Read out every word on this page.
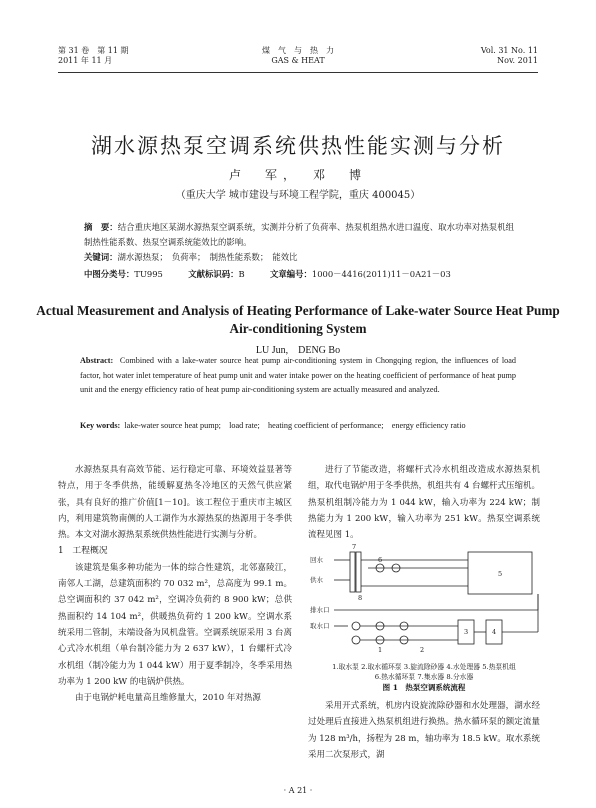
第 31 卷　第 11 期
2011 年 11 月
煤　气　与　热　力
GAS & HEAT
Vol. 31 No. 11
Nov. 2011
湖水源热泵空调系统供热性能实测与分析
卢　军，　邓　博
（重庆大学 城市建设与环境工程学院，重庆 400045）
摘　要：结合重庆地区某湖水源热泵空调系统，实测并分析了负荷率、热泵机组热水进口温度、取水功率对热泵机组制热性能系数、热泵空调系统能效比的影响。
关键词：湖水源热泵；　负荷率；　制热性能系数；　能效比
中图分类号：TU995	文献标识码：B	文章编号：1000－4416(2011)11－0A21－03
Actual Measurement and Analysis of Heating Performance of Lake-water Source Heat Pump Air-conditioning System
LU Jun,　DENG Bo
Abstract: Combined with a lake-water source heat pump air-conditioning system in Chongqing region, the influences of load factor, hot water inlet temperature of heat pump unit and water intake power on the heating coefficient of performance of heat pump unit and the energy efficiency ratio of heat pump air-conditioning system are actually measured and analyzed.
Key words: lake-water source heat pump;　load rate;　heating coefficient of performance;　energy efficiency ratio

水源热泵具有高效节能、运行稳定可靠、环境效益显著等特点，用于冬季供热，能缓解夏热冬冷地区的天然气供应紧张，具有良好的推广价值[1－10]。该工程位于重庆市主城区内，利用建筑物南侧的人工湖作为水源热泵的热源用于冬季供热。本文对湖水源热泵系统供热性能进行实测与分析。

1　工程概况

该建筑是集多种功能为一体的综合性建筑，北邻嘉陵江，南邻人工湖，总建筑面积约 70 032 m²，总高度为 99.1 m。总空调面积约 37 042 m²，空调冷负荷约 8 900 kW；总供热面积约 14 104 m²，供暖热负荷约 1 200 kW。空调水系统采用二管制，末端设备为风机盘管。空调系统原采用 3 台离心式冷水机组（单台制冷能力为 2 637 kW），1 台螺杆式冷水机组（制冷能力为 1 044 kW）用于夏季制冷，冬季采用热功率为 1 200 kW 的电锅炉供热。

由于电锅炉耗电量高且维修量大，2010 年对热源

进行了节能改造，将螺杆式冷水机组改造成水源热泵机组，取代电锅炉用于冬季供热，机组共有 4 台螺杆式压缩机。热泵机组制冷能力为 1 044 kW，输入功率为 224 kW；制热能力为 1 200 kW，输入功率为 251 kW。热泵空调系统流程见图 1。

回水
供水
排水口
取水口
5
6
7
8
1	2
3	4
1.取水泵 2.取水循环泵 3.旋流除砂器 4.水处理器 5.热泵机组
6.热水循环泵 7.集水器 8.分水器
图 1　热泵空调系统流程

采用开式系统，机房内设旋流除砂器和水处理器，湖水经过处理后直接进入热泵机组进行换热。热水循环泵的额定流量为 128 m³/h，扬程为 28 m，轴功率为 18.5 kW。取水系统采用二次泵形式，湖

· A 21 ·
